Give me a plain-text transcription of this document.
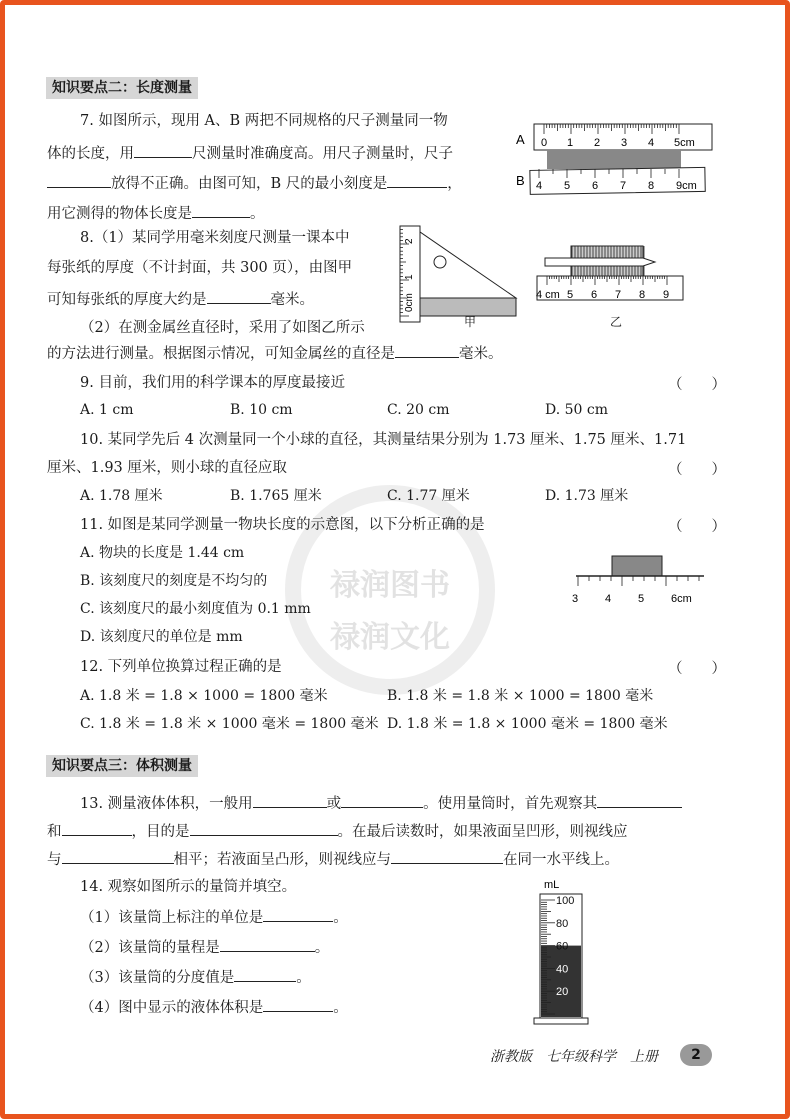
禄润图书
禄润文化
知识要点二：长度测量
7. 如图所示，现用 A、B 两把不同规格的尺子测量同一物
体的长度，用	尺测量时准确度高。用尺子测量时，尺子
放得不正确。由图可知，B 尺的最小刻度是	，
用它测得的物体长度是	。
A
B
0 1 2 3 4 5cm
4 5 6 7 8 9cm
8.（1）某同学用毫米刻度尺测量一课本中
每张纸的厚度（不计封面，共 300 页），由图甲
可知每张纸的厚度大约是	毫米。
（2）在测金属丝直径时，采用了如图乙所示
的方法进行测量。根据图示情况，可知金属丝的直径是	毫米。
0cm
1
2
甲
4 cm 5 6 7 8 9
乙
9. 目前，我们用的科学课本的厚度最接近	（　　）
A. 1 cm	B. 10 cm	C. 20 cm	D. 50 cm
10. 某同学先后 4 次测量同一个小球的直径，其测量结果分别为 1.73 厘米、1.75 厘米、1.71
厘米、1.93 厘米，则小球的直径应取	（　　）
A. 1.78 厘米	B. 1.765 厘米	C. 1.77 厘米	D. 1.73 厘米
11. 如图是某同学测量一物块长度的示意图，以下分析正确的是	（　　）
A. 物块的长度是 1.44 cm
B. 该刻度尺的刻度是不均匀的
C. 该刻度尺的最小刻度值为 0.1 mm
D. 该刻度尺的单位是 mm
3 4 5 6cm
12. 下列单位换算过程正确的是	（　　）
A. 1.8 米 = 1.8 × 1000 = 1800 毫米	B. 1.8 米 = 1.8 米 × 1000 = 1800 毫米
C. 1.8 米 = 1.8 米 × 1000 毫米 = 1800 毫米 D. 1.8 米 = 1.8 × 1000 毫米 = 1800 毫米
知识要点三：体积测量
13. 测量液体体积，一般用	或	。使用量筒时，首先观察其
和	，目的是	。在最后读数时，如果液面呈凹形，则视线应
与	相平；若液面呈凸形，则视线应与	在同一水平线上。
14. 观察如图所示的量筒并填空。
（1）该量筒上标注的单位是	。
（2）该量筒的量程是	。
（3）该量筒的分度值是	。
（4）图中显示的液体体积是	。
mL
100
80
60
40
20
浙教版　七年级科学　上册	2
